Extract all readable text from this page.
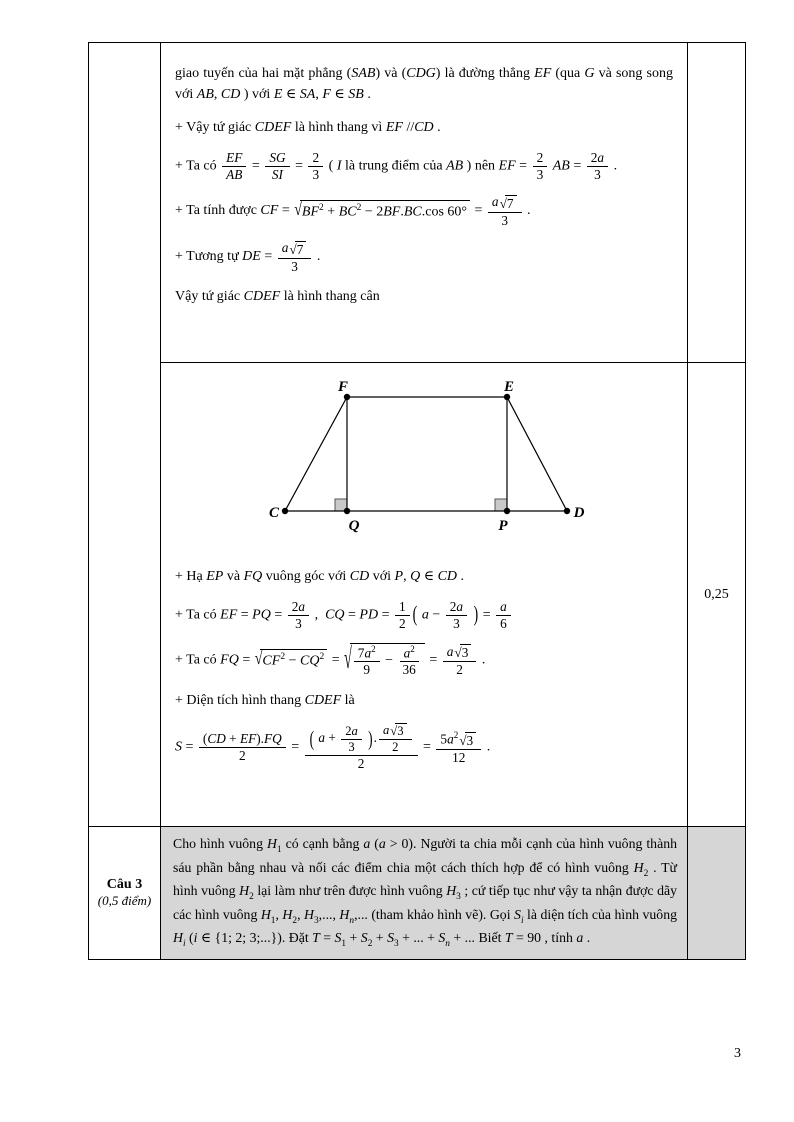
giao tuyến của hai mặt phẳng (SAB) và (CDG) là đường thẳng EF (qua G và song song với AB, CD ) với E ∈ SA, F ∈ SB .

+ Vậy tứ giác CDEF là hình thang vì EF //CD .

+ Ta có $\frac{EF}{AB} = \frac{SG}{SI} = \frac{2}{3}$ ( I là trung điểm của AB ) nên EF = $\frac{2}{3}$ AB = $\frac{2a}{3}$ .

+ Ta tính được CF = √ $BF^2 + BC^2 - 2BF.BC.\cos$ $60^\circ = \frac{a √ 7}{3}$ .

+ Tương tự DE = $\frac{a √ 7}{3}$ .

Vậy tứ giác CDEF là hình thang cân

F	E
C	D
Q	P

+ Hạ EP và FQ vuông góc với CD với P, Q ∈ CD .

+ Ta có EF = PQ = $\frac{2a}{3}$ ,  CQ = PD = $\frac{1}{2}$ ( $a - \frac{2a}{3}$ ) = $\frac{a}{6}$

+ Ta có FQ = √ $CF^2 - CQ^2$ = √ $\frac{7a^2}{9} - \frac{a^2}{36} = \frac{a √ 3}{2}$ .

+ Diện tích hình thang CDEF là

$S = \frac{(CD + EF).FQ}{2} = \frac{( a + \frac{2a}{3} ). \frac{a √ 3}{2}}{2} = \frac{5a^2 √ 3}{12}$ .

0,25
Câu 3
(0,5 điểm)

Cho hình vuông $H_1$ có cạnh bằng a (a > 0). Người ta chia mỗi cạnh của hình vuông thành sáu phần bằng nhau và nối các điểm chia một cách thích hợp để có hình vuông $H_2$ . Từ hình vuông $H_2$ lại làm như trên được hình vuông $H_3$ ; cứ tiếp tục như vậy ta nhận được dãy các hình vuông $H_1$, $H_2$, $H_3$,..., $H_n$,... (tham khảo hình vẽ). Gọi $S_i$ là diện tích của hình vuông $H_i$ (i ∈ {1; 2; 3;...}). Đặt $T = S_1 + S_2 + S_3$ + ... + $S_n$ + ... Biết T = 90 , tính a .

3
